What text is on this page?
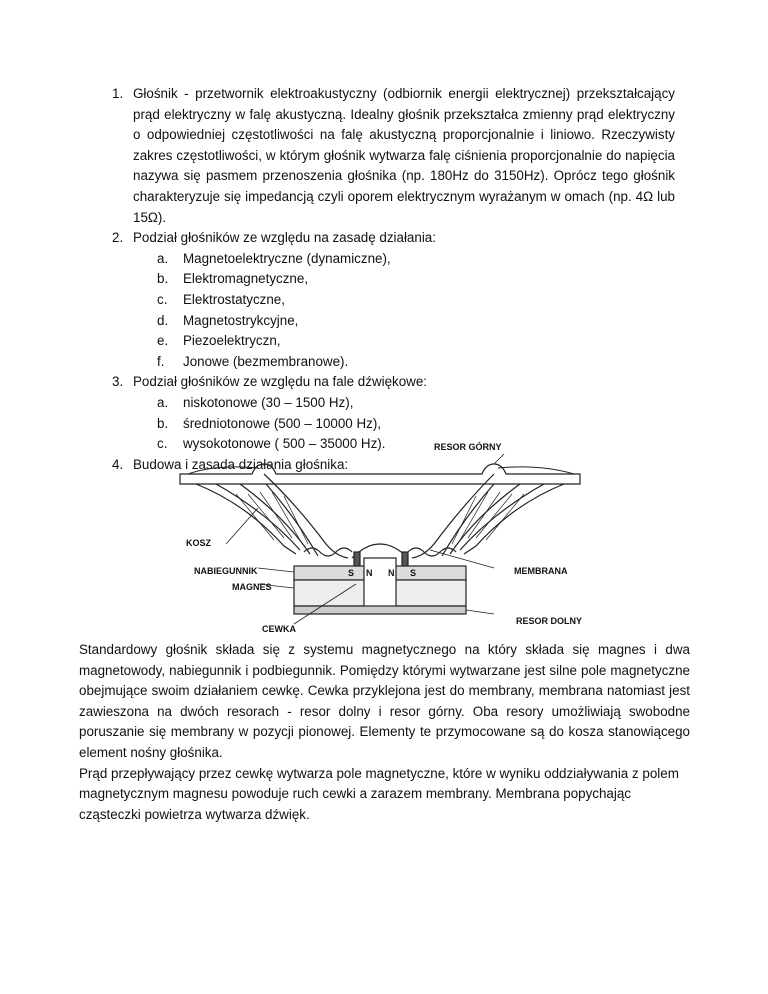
1. Głośnik - przetwornik elektroakustyczny (odbiornik energii elektrycznej) przekształcający prąd elektryczny w falę akustyczną. Idealny głośnik przekształca zmienny prąd elektryczny o odpowiedniej częstotliwości na falę akustyczną proporcjonalnie i liniowo. Rzeczywisty zakres częstotliwości, w którym głośnik wytwarza falę ciśnienia proporcjonalnie do napięcia nazywa się pasmem przenoszenia głośnika (np. 180Hz do 3150Hz). Oprócz tego głośnik charakteryzuje się impedancją czyli oporem elektrycznym wyrażanym w omach (np. 4Ω lub 15Ω).
2. Podział głośników ze względu na zasadę działania:
a. Magnetoelektryczne (dynamiczne),
b. Elektromagnetyczne,
c. Elektrostatyczne,
d. Magnetostrykcyjne,
e. Piezoelektryczn,
f. Jonowe (bezmembranowe).
3. Podział głośników ze względu na fale dźwiękowe:
a. niskotonowe (30 – 1500 Hz),
b. średniotonowe (500 – 10000 Hz),
c. wysokotonowe ( 500 – 35000 Hz).
4. Budowa i zasada działania głośnika:
RESOR GÓRNY
KOSZ
NABIEGUNNIK
MAGNES
MEMBRANA
CEWKA
RESOR DOLNY
S N N S

Standardowy głośnik składa się z systemu magnetycznego na który składa się magnes i dwa magnetowody, nabiegunnik i podbiegunnik. Pomiędzy którymi wytwarzane jest silne pole magnetyczne obejmujące swoim działaniem cewkę. Cewka przyklejona jest do membrany, membrana natomiast jest zawieszona na dwóch resorach - resor dolny i resor górny. Oba resory umożliwiają swobodne poruszanie się membrany w pozycji pionowej. Elementy te przymocowane są do kosza stanowiącego element nośny głośnika.

Prąd przepływający przez cewkę wytwarza pole magnetyczne, które w wyniku oddziaływania z polem magnetycznym magnesu powoduje ruch cewki a zarazem membrany. Membrana popychając cząsteczki powietrza wytwarza dźwięk.
